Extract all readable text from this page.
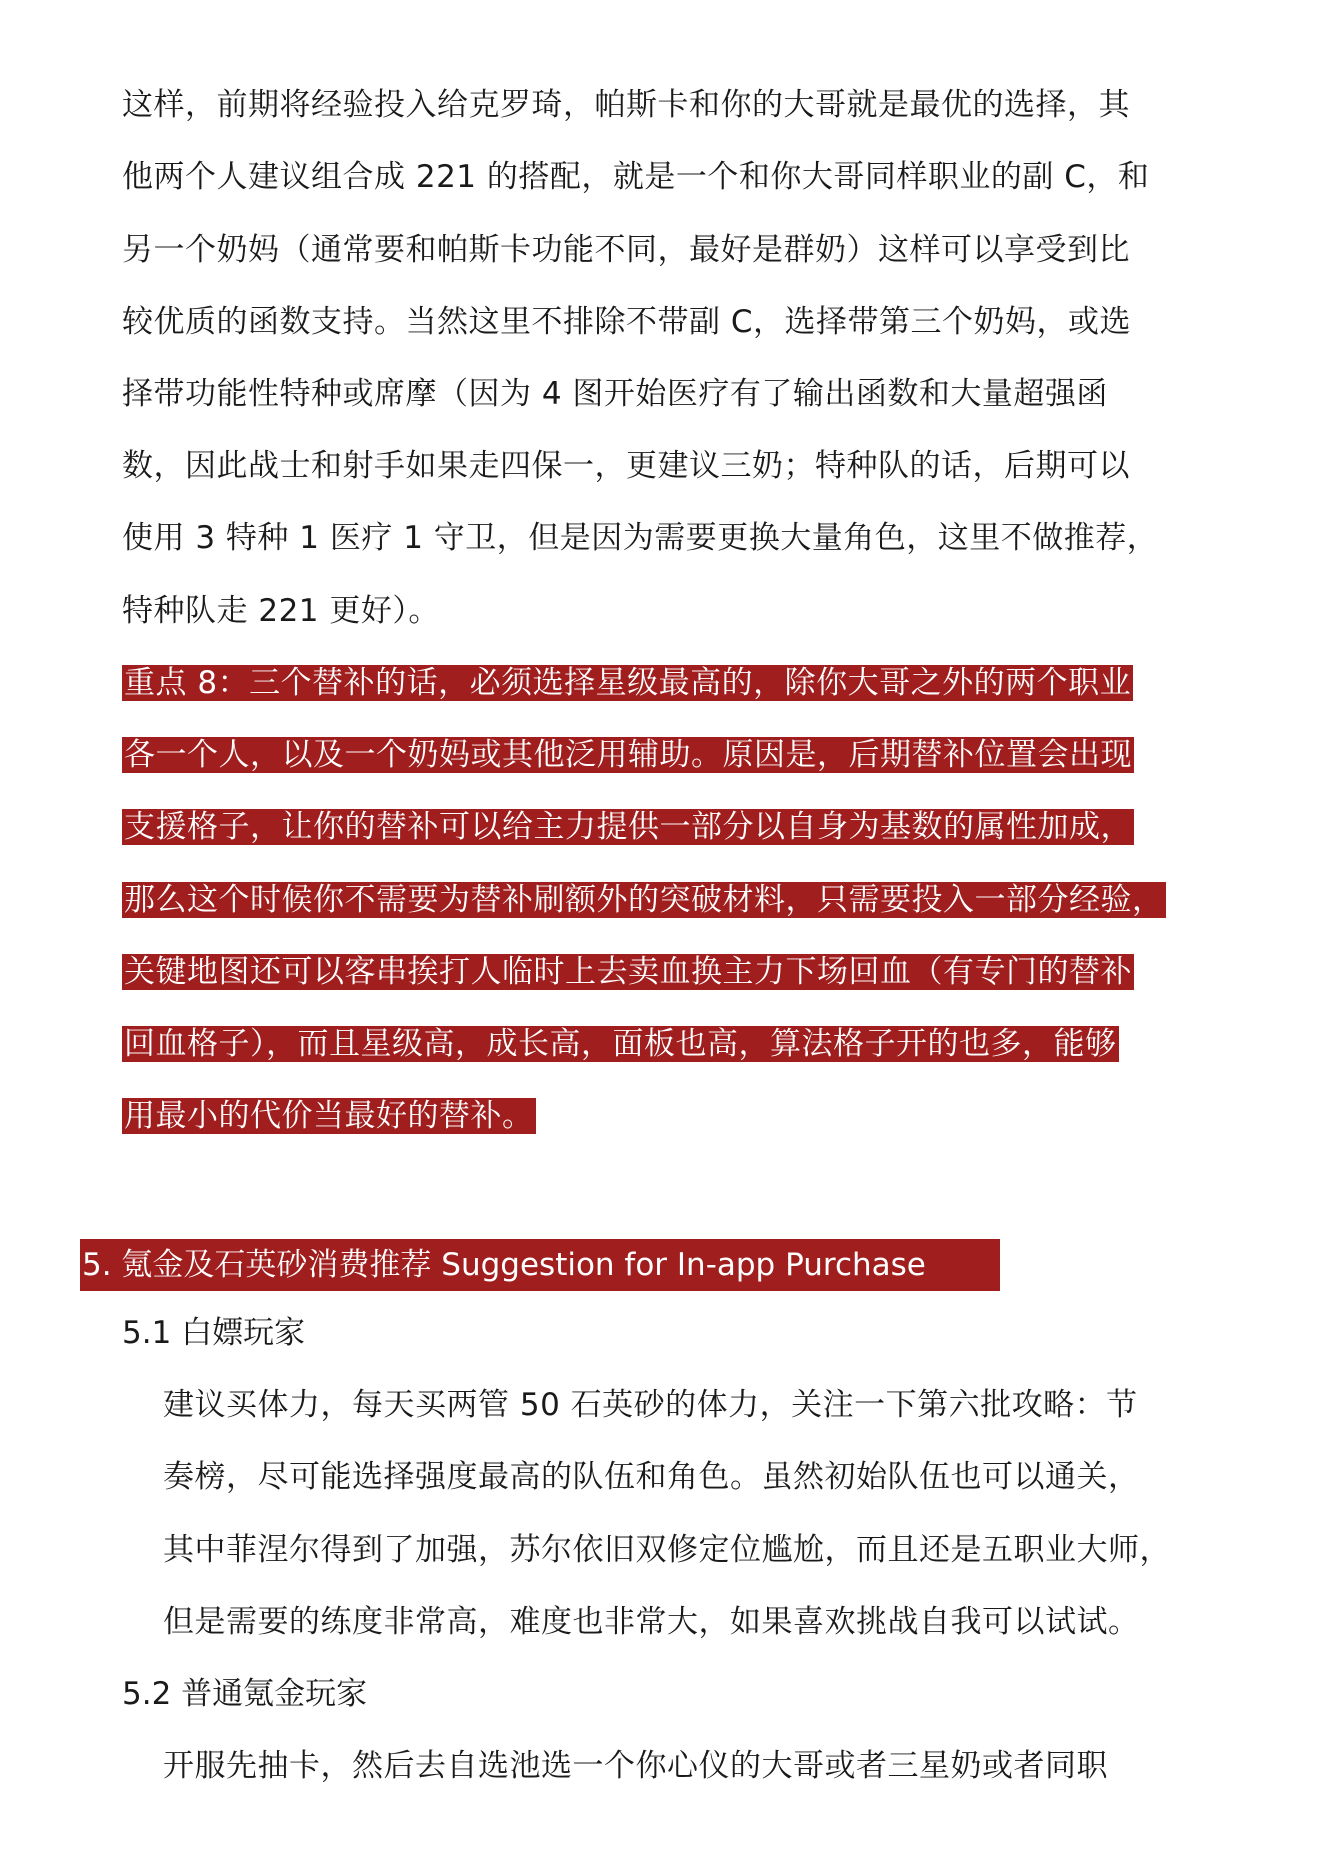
这样，前期将经验投入给克罗琦，帕斯卡和你的大哥就是最优的选择，其
他两个人建议组合成 221 的搭配，就是一个和你大哥同样职业的副 C，和
另一个奶妈（通常要和帕斯卡功能不同，最好是群奶）这样可以享受到比
较优质的函数支持。当然这里不排除不带副 C，选择带第三个奶妈，或选
择带功能性特种或席摩（因为 4 图开始医疗有了输出函数和大量超强函
数，因此战士和射手如果走四保一，更建议三奶；特种队的话，后期可以
使用 3 特种 1 医疗 1 守卫，但是因为需要更换大量角色，这里不做推荐，
特种队走 221 更好）。
重点 8：三个替补的话，必须选择星级最高的，除你大哥之外的两个职业
各一个人，以及一个奶妈或其他泛用辅助。原因是，后期替补位置会出现
支援格子，让你的替补可以给主力提供一部分以自身为基数的属性加成，
那么这个时候你不需要为替补刷额外的突破材料，只需要投入一部分经验，
关键地图还可以客串挨打人临时上去卖血换主力下场回血（有专门的替补
回血格子），而且星级高，成长高，面板也高，算法格子开的也多，能够
用最小的代价当最好的替补。
5. 氪金及石英砂消费推荐 Suggestion for In-app Purchase
5.1 白嫖玩家
建议买体力，每天买两管 50 石英砂的体力，关注一下第六批攻略：节
奏榜，尽可能选择强度最高的队伍和角色。虽然初始队伍也可以通关，
其中菲涅尔得到了加强，苏尔依旧双修定位尴尬，而且还是五职业大师，
但是需要的练度非常高，难度也非常大，如果喜欢挑战自我可以试试。
5.2 普通氪金玩家
开服先抽卡，然后去自选池选一个你心仪的大哥或者三星奶或者同职
